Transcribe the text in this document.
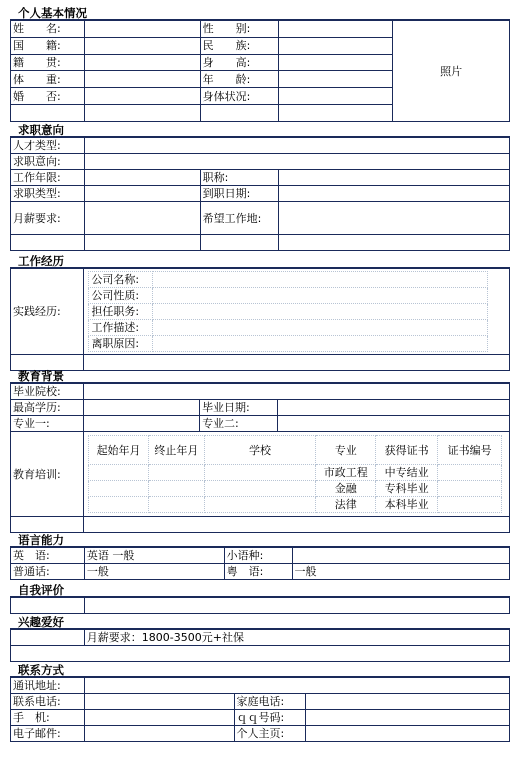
个人基本情况
姓　　名:		性　　别:		照片
国　　籍:		民　　族:		
籍　　贯:		身　　高:		
体　　重:		年　　龄:		
婚　　否:		身体状况:		

求职意向
人才类型:			
求职意向:			
工作年限:		职称:	
求职类型:		到职日期:	
月薪要求:		希望工作地:	

工作经历
实践经历:	
公司名称:	
公司性质:	
担任职务:	
工作描述:	
离职原因:	

教育背景
毕业院校:	
最高学历:		毕业日期:	
专业一:		专业二:	
教育培训:	
起始年月	终止年月	学校	专业	获得证书	证书编号
			市政工程	中专结业	
			金融	专科毕业	
			法律	本科毕业	

语言能力
英　语:	英语 一般	小语种:	
普通话:	一般	粤　语:	一般
自我评价

兴趣爱好
	月薪要求：1800-3500元+社保

联系方式
通讯地址:			
联系电话:		家庭电话:	
手　机:		ｑｑ号码:	
电子邮件:		个人主页:	
